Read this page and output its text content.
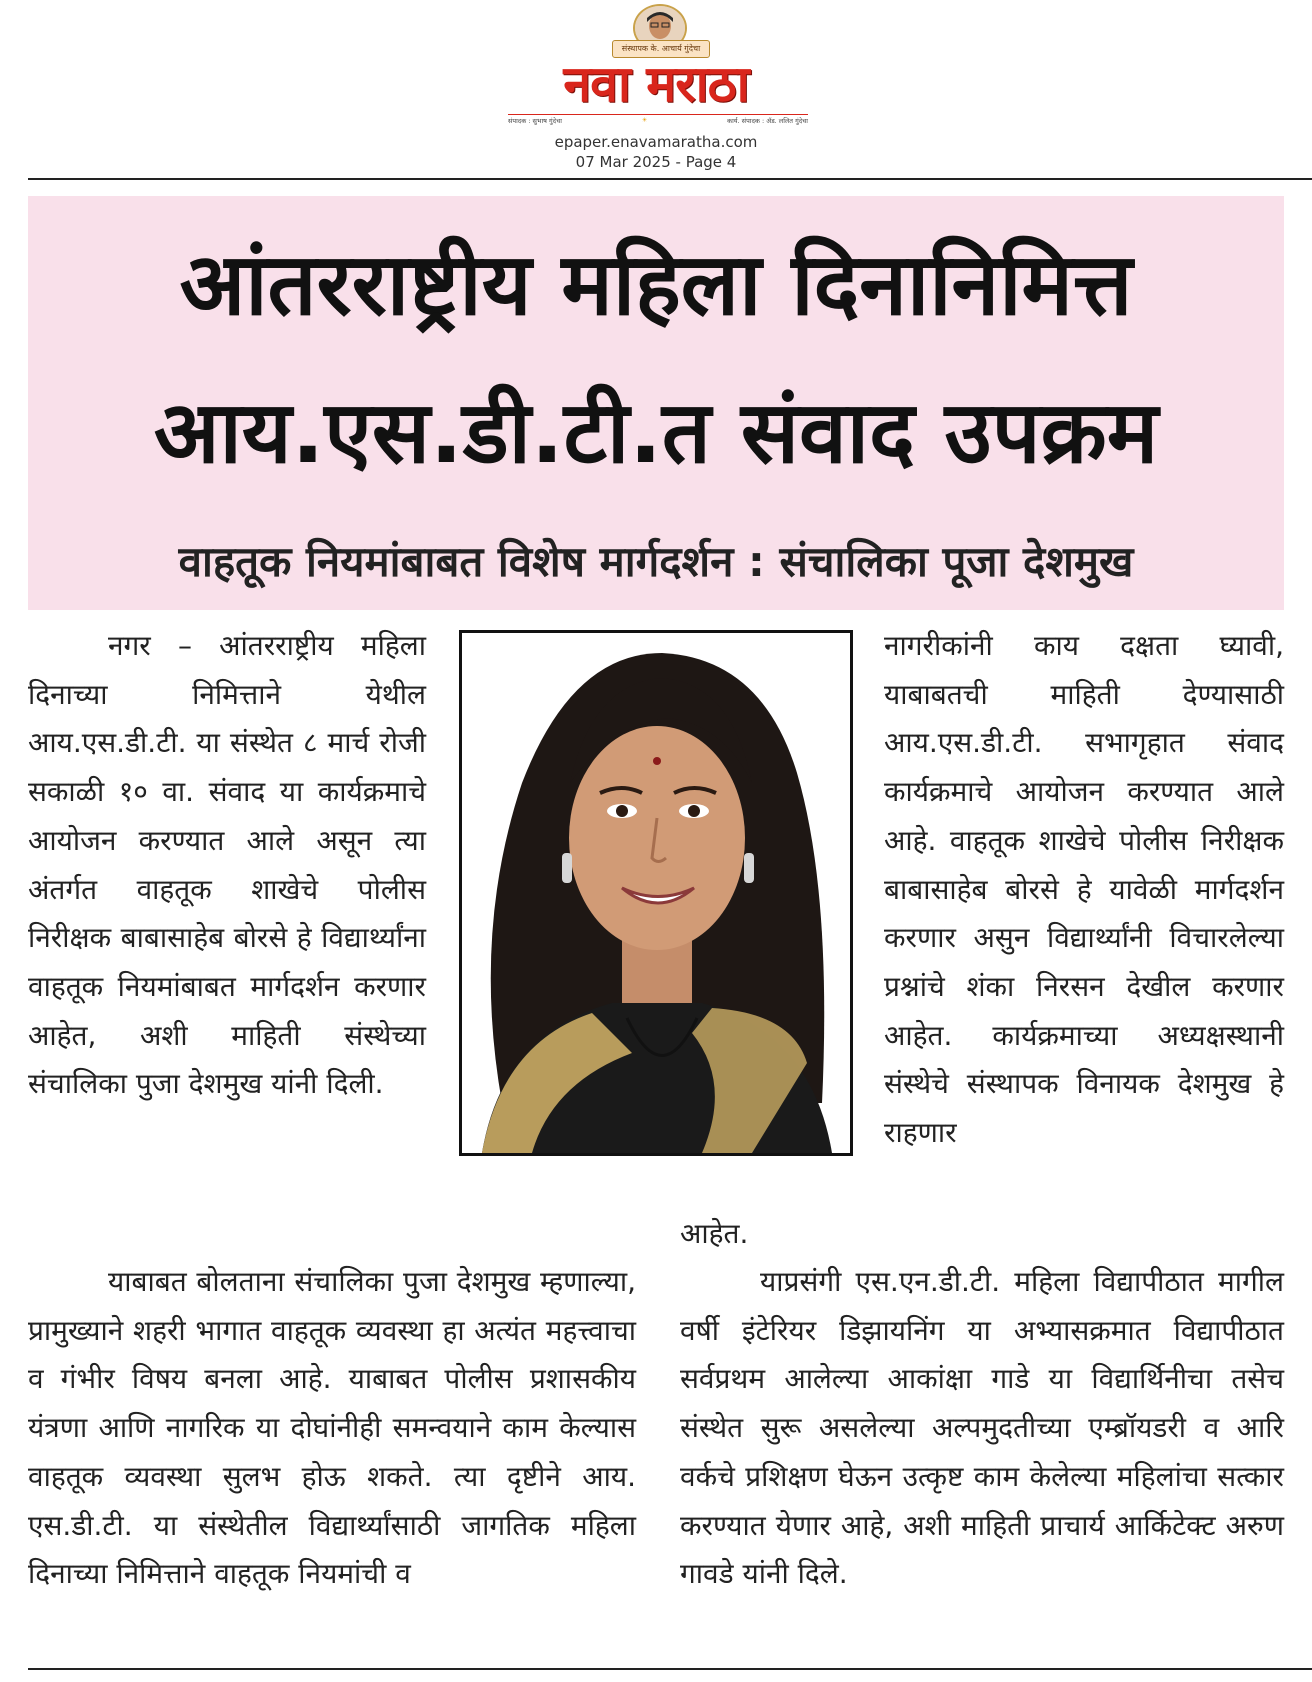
संस्थापक के. आचार्य गुंदेचा
नवा मराठा
संपादक : सुभाष गुंदेचा	☀	कार्य. संपादक : ॲड. ललित गुंदेचा
epaper.enavamaratha.com
07 Mar 2025 - Page 4
आंतरराष्ट्रीय महिला दिनानिमित्त
आय.एस.डी.टी.त संवाद उपक्रम
वाहतूक नियमांबाबत विशेष मार्गदर्शन : संचालिका पूजा देशमुख

नगर – आंतरराष्ट्रीय महिला दिनाच्या निमित्ताने येथील आय.एस.डी.टी. या संस्थेत ८ मार्च रोजी सकाळी १० वा. संवाद या कार्यक्रमाचे आयोजन करण्यात आले असून त्या अंतर्गत वाहतूक शाखेचे पोलीस निरीक्षक बाबासाहेब बोरसे हे विद्यार्थ्यांना वाहतूक नियमांबाबत मार्गदर्शन करणार आहेत, अशी माहिती संस्थेच्या संचालिका पुजा देशमुख यांनी दिली.

नागरीकांनी काय दक्षता घ्यावी, याबाबतची माहिती देण्यासाठी आय.एस.डी.टी. सभागृहात संवाद कार्यक्रमाचे आयोजन करण्यात आले आहे. वाहतूक शाखेचे पोलीस निरीक्षक बाबासाहेब बोरसे हे यावेळी मार्गदर्शन करणार असुन विद्यार्थ्यांनी विचारलेल्या प्रश्नांचे शंका निरसन देखील करणार आहेत. कार्यक्रमाच्या अध्यक्षस्थानी संस्थेचे संस्थापक विनायक देशमुख हे राहणार

आहेत.

याबाबत बोलताना संचालिका पुजा देशमुख म्हणाल्या, प्रामुख्याने शहरी भागात वाहतूक व्यवस्था हा अत्यंत महत्त्वाचा व गंभीर विषय बनला आहे. याबाबत पोलीस प्रशासकीय यंत्रणा आणि नागरिक या दोघांनीही समन्वयाने काम केल्यास वाहतूक व्यवस्था सुलभ होऊ शकते. त्या दृष्टीने आय. एस.डी.टी. या संस्थेतील विद्यार्थ्यांसाठी जागतिक महिला दिनाच्या निमित्ताने वाहतूक नियमांची व

याप्रसंगी एस.एन.डी.टी. महिला विद्यापीठात मागील वर्षी इंटेरियर डिझायनिंग या अभ्यासक्रमात विद्यापीठात सर्वप्रथम आलेल्या आकांक्षा गाडे या विद्यार्थिनीचा तसेच संस्थेत सुरू असलेल्या अल्पमुदतीच्या एम्ब्रॉयडरी व आरि वर्कचे प्रशिक्षण घेऊन उत्कृष्ट काम केलेल्या महिलांचा सत्कार करण्यात येणार आहे, अशी माहिती प्राचार्य आर्किटेक्ट अरुण गावडे यांनी दिले.
